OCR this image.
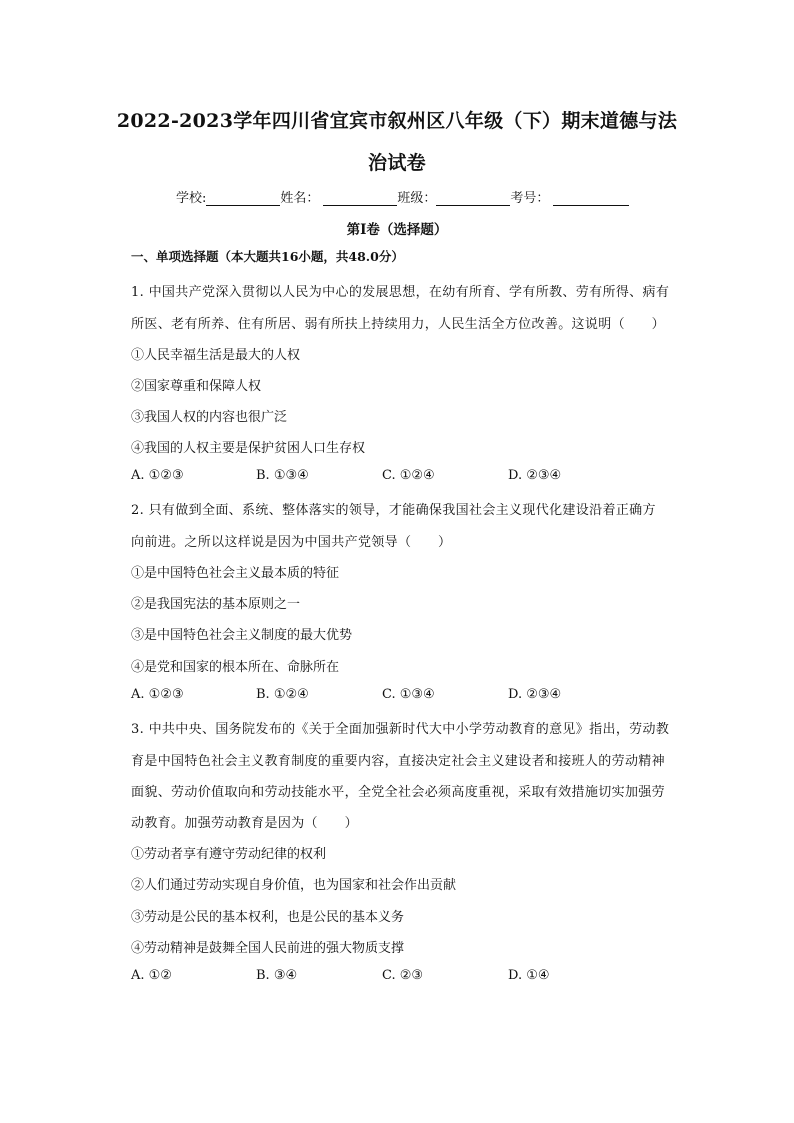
2022-2023学年四川省宜宾市叙州区八年级（下）期末道德与法
治试卷
学校:	姓名：	班级：	考号：
第I卷（选择题）
一、单项选择题（本大题共16小题，共48.0分）
1. 中国共产党深入贯彻以人民为中心的发展思想，在幼有所育、学有所教、劳有所得、病有
所医、老有所养、住有所居、弱有所扶上持续用力，人民生活全方位改善。这说明（　　）
①人民幸福生活是最大的人权
②国家尊重和保障人权
③我国人权的内容也很广泛
④我国的人权主要是保护贫困人口生存权
A. ①②③	B. ①③④	C. ①②④	D. ②③④
2. 只有做到全面、系统、整体落实的领导，才能确保我国社会主义现代化建设沿着正确方
向前进。之所以这样说是因为中国共产党领导（　　）
①是中国特色社会主义最本质的特征
②是我国宪法的基本原则之一
③是中国特色社会主义制度的最大优势
④是党和国家的根本所在、命脉所在
A. ①②③	B. ①②④	C. ①③④	D. ②③④
3. 中共中央、国务院发布的《关于全面加强新时代大中小学劳动教育的意见》指出，劳动教
育是中国特色社会主义教育制度的重要内容，直接决定社会主义建设者和接班人的劳动精神
面貌、劳动价值取向和劳动技能水平，全党全社会必须高度重视，采取有效措施切实加强劳
动教育。加强劳动教育是因为（　　）
①劳动者享有遵守劳动纪律的权利
②人们通过劳动实现自身价值，也为国家和社会作出贡献
③劳动是公民的基本权利，也是公民的基本义务
④劳动精神是鼓舞全国人民前进的强大物质支撑
A. ①②	B. ③④	C. ②③	D. ①④
